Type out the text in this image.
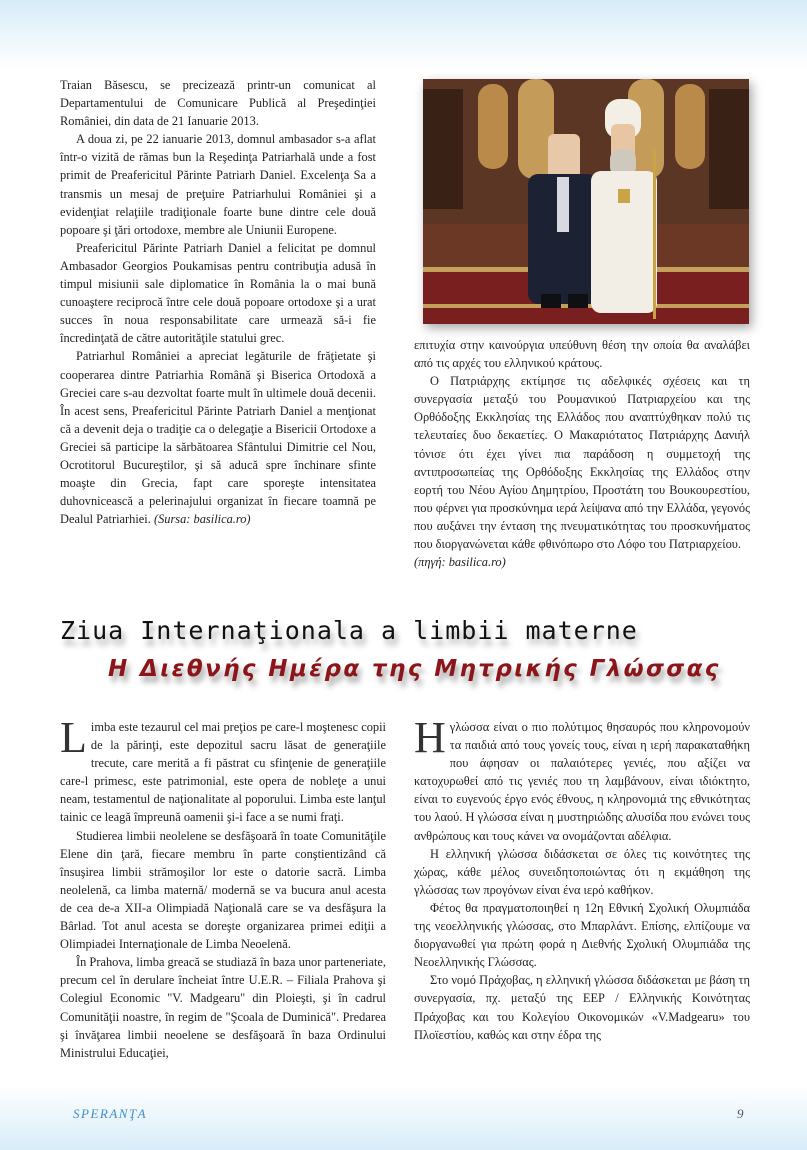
Traian Băsescu, se precizează printr-un comunicat al Departamentului de Comunicare Publică al Preşedinţiei României, din data de 21 Ianuarie 2013.

A doua zi, pe 22 ianuarie 2013, domnul ambasador s-a aflat într-o vizită de rămas bun la Reşedinţa Patriarhală unde a fost primit de Preafericitul Părinte Patriarh Daniel. Excelenţa Sa a transmis un mesaj de preţuire Patriarhului României şi a evidenţiat relaţiile tradiţionale foarte bune dintre cele două popoare şi ţări ortodoxe, membre ale Uniunii Europene.

Preafericitul Părinte Patriarh Daniel a felicitat pe domnul Ambasador Georgios Poukamisas pentru contribuţia adusă în timpul misiunii sale diplomatice în România la o mai bună cunoaştere reciprocă între cele două popoare ortodoxe şi a urat succes în noua responsabilitate care urmează să-i fie încredinţată de către autorităţile statului grec.

Patriarhul României a apreciat legăturile de frăţietate şi cooperarea dintre Patriarhia Română şi Biserica Ortodoxă a Greciei care s-au dezvoltat foarte mult în ultimele două decenii. În acest sens, Preafericitul Părinte Patriarh Daniel a menţionat că a devenit deja o tradiţie ca o delegaţie a Bisericii Ortodoxe a Greciei să participe la sărbătoarea Sfântului Dimitrie cel Nou, Ocrotitorul Bucureştilor, şi să aducă spre închinare sfinte moaşte din Grecia, fapt care sporeşte intensitatea duhovnicească a pelerinajului organizat în fiecare toamnă pe Dealul Patriarhiei. (Sursa: basilica.ro)

επιτυχία στην καινούργια υπεύθυνη θέση την οποία θα αναλάβει από τις αρχές του ελληνικού κράτους.

Ο Πατριάρχης εκτίμησε τις αδελφικές σχέσεις και τη συνεργασία μεταξύ του Ρουμανικού Πατριαρχείου και της Ορθόδοξης Εκκλησίας της Ελλάδος που αναπτύχθηκαν πολύ τις τελευταίες δυο δεκαετίες. Ο Μακαριότατος Πατριάρχης Δανιήλ τόνισε ότι έχει γίνει πια παράδοση η συμμετοχή της αντιπροσωπείας της Ορθόδοξης Εκκλησίας της Ελλάδος στην εορτή του Νέου Αγίου Δημητρίου, Προστάτη του Βουκουρεστίου, που φέρνει για προσκύνημα ιερά λείψανα από την Ελλάδα, γεγονός που αυξάνει την ένταση της πνευματικότητας του προσκυνήματος που διοργανώνεται κάθε φθινόπωρο στο Λόφο του Πατριαρχείου.

(πηγή: basilica.ro)

Ziua Internaţionala a limbii materne
Η Διεθνής Ημέρα της Μητρικής Γλώσσας

Limba este tezaurul cel mai preţios pe care-l moştenesc copii de la părinţi, este depozitul sacru lăsat de generaţiile trecute, care merită a fi păstrat cu sfinţenie de generaţiile care-l primesc, este patrimonial, este opera de nobleţe a unui neam, testamentul de naţionalitate al poporului. Limba este lanţul tainic ce leagă împreună oamenii şi-i face a se numi fraţi.

Studierea limbii neolelene se desfăşoară în toate Comunităţile Elene din ţară, fiecare membru în parte conştientizând că însuşirea limbii strămoşilor lor este o datorie sacră. Limba neolelenă, ca limba maternă/ modernă se va bucura anul acesta de cea de-a XII-a Olimpiadă Naţională care se va desfăşura la Bârlad. Tot anul acesta se doreşte organizarea primei ediţii a Olimpiadei Internaţionale de Limba Neoelenă.

În Prahova, limba greacă se studiază în baza unor parteneriate, precum cel în derulare încheiat între U.E.R. – Filiala Prahova şi Colegiul Economic "V. Madgearu" din Ploieşti, şi în cadrul Comunităţii noastre, în regim de "Şcoala de Duminică". Predarea şi învăţarea limbii neoelene se desfăşoară în baza Ordinului Ministrului Educaţiei,

Ηγλώσσα είναι ο πιο πολύτιμος θησαυρός που κληρονομούν τα παιδιά από τους γονείς τους, είναι η ιερή παρακαταθήκη που άφησαν οι παλαιότερες γενιές, που αξίζει να κατοχυρωθεί από τις γενιές που τη λαμβάνουν, είναι ιδιόκτητο, είναι το ευγενούς έργο ενός έθνους, η κληρονομιά της εθνικότητας του λαού. Η γλώσσα είναι η μυστηριώδης αλυσίδα που ενώνει τους ανθρώπους και τους κάνει να ονομάζονται αδέλφια.

Η ελληνική γλώσσα διδάσκεται σε όλες τις κοινότητες της χώρας, κάθε μέλος συνειδητοποιώντας ότι η εκμάθηση της γλώσσας των προγόνων είναι ένα ιερό καθήκον.

Φέτος θα πραγματοποιηθεί η 12η Εθνική Σχολική Ολυμπιάδα της νεοελληνικής γλώσσας, στο Μπαρλάντ. Επίσης, ελπίζουμε να διοργανωθεί για πρώτη φορά η Διεθνής Σχολική Ολυμπιάδα της Νεοελληνικής Γλώσσας.

Στο νομό Πράχοβας, η ελληνική γλώσσα διδάσκεται με βάση τη συνεργασία, πχ. μεταξύ της ΕΕΡ / Ελληνικής Κοινότητας Πράχοβας και του Κολεγίου Οικονομικών «V.Madgearu» του Πλοϊεστίου, καθώς και στην έδρα της

SPERANŢA	9
